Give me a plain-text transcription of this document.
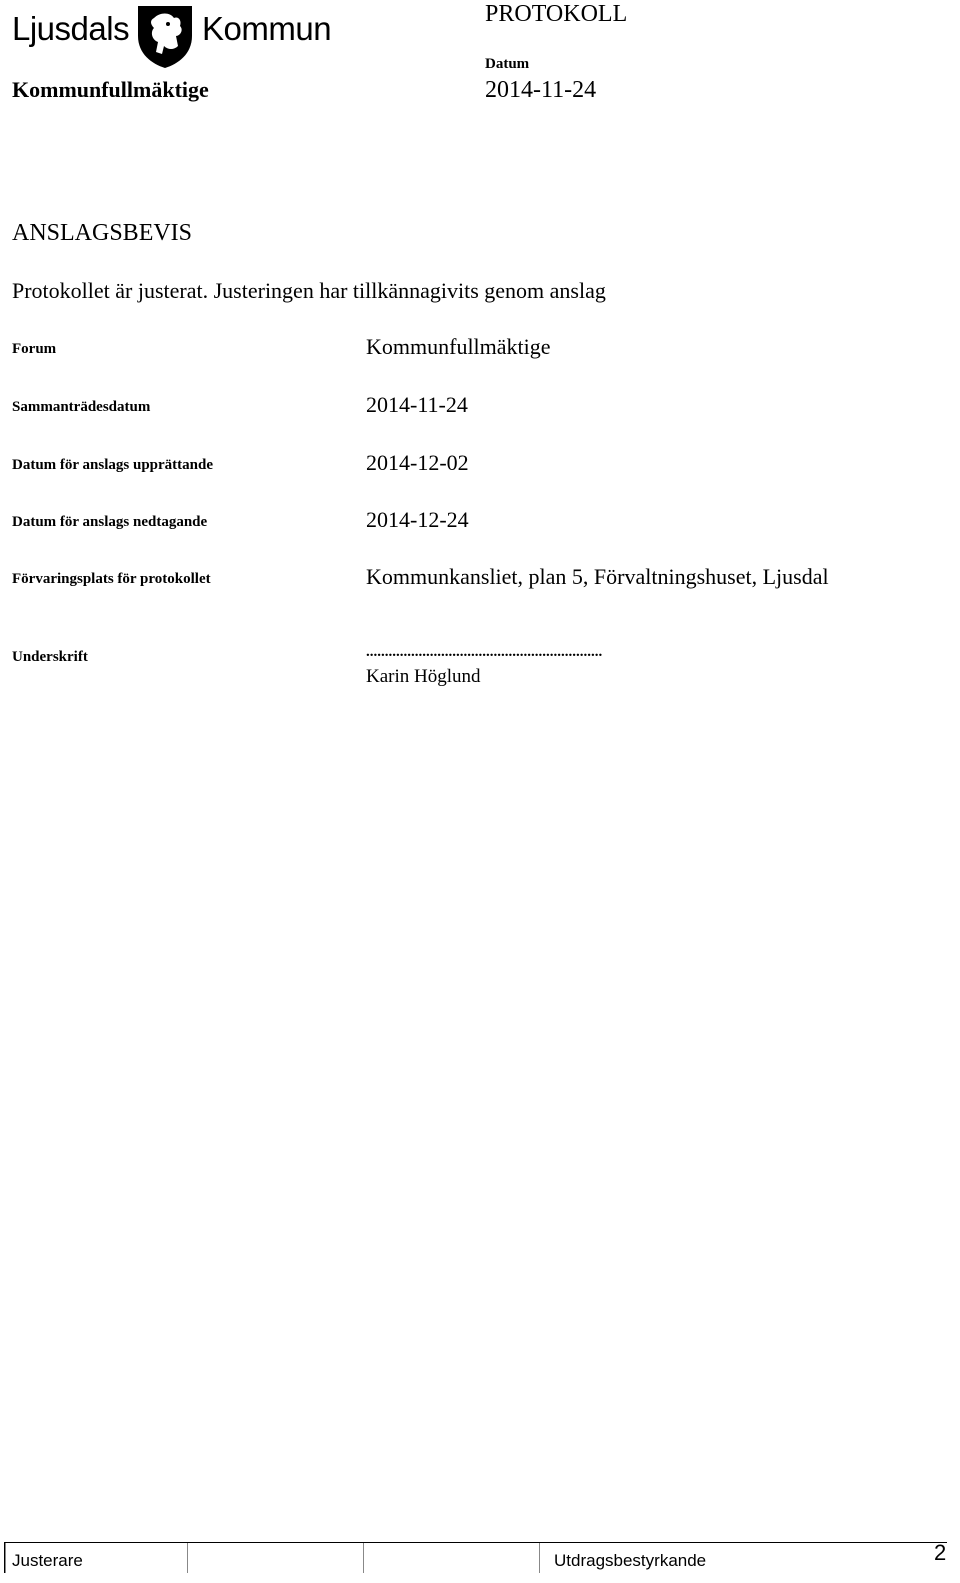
Ljusdals Kommun	PROTOKOLL
Datum
2014-11-24
Kommunfullmäktige
ANSLAGSBEVIS
Protokollet är justerat. Justeringen har tillkännagivits genom anslag
Forum	Kommunfullmäktige
Sammanträdesdatum	2014-11-24
Datum för anslags upprättande	2014-12-02
Datum för anslags nedtagande	2014-12-24
Förvaringsplats för protokollet	Kommunkansliet, plan 5, Förvaltningshuset, Ljusdal
Underskrift	...............................................................
Karin Höglund
Justerare	Utdragsbestyrkande	2
